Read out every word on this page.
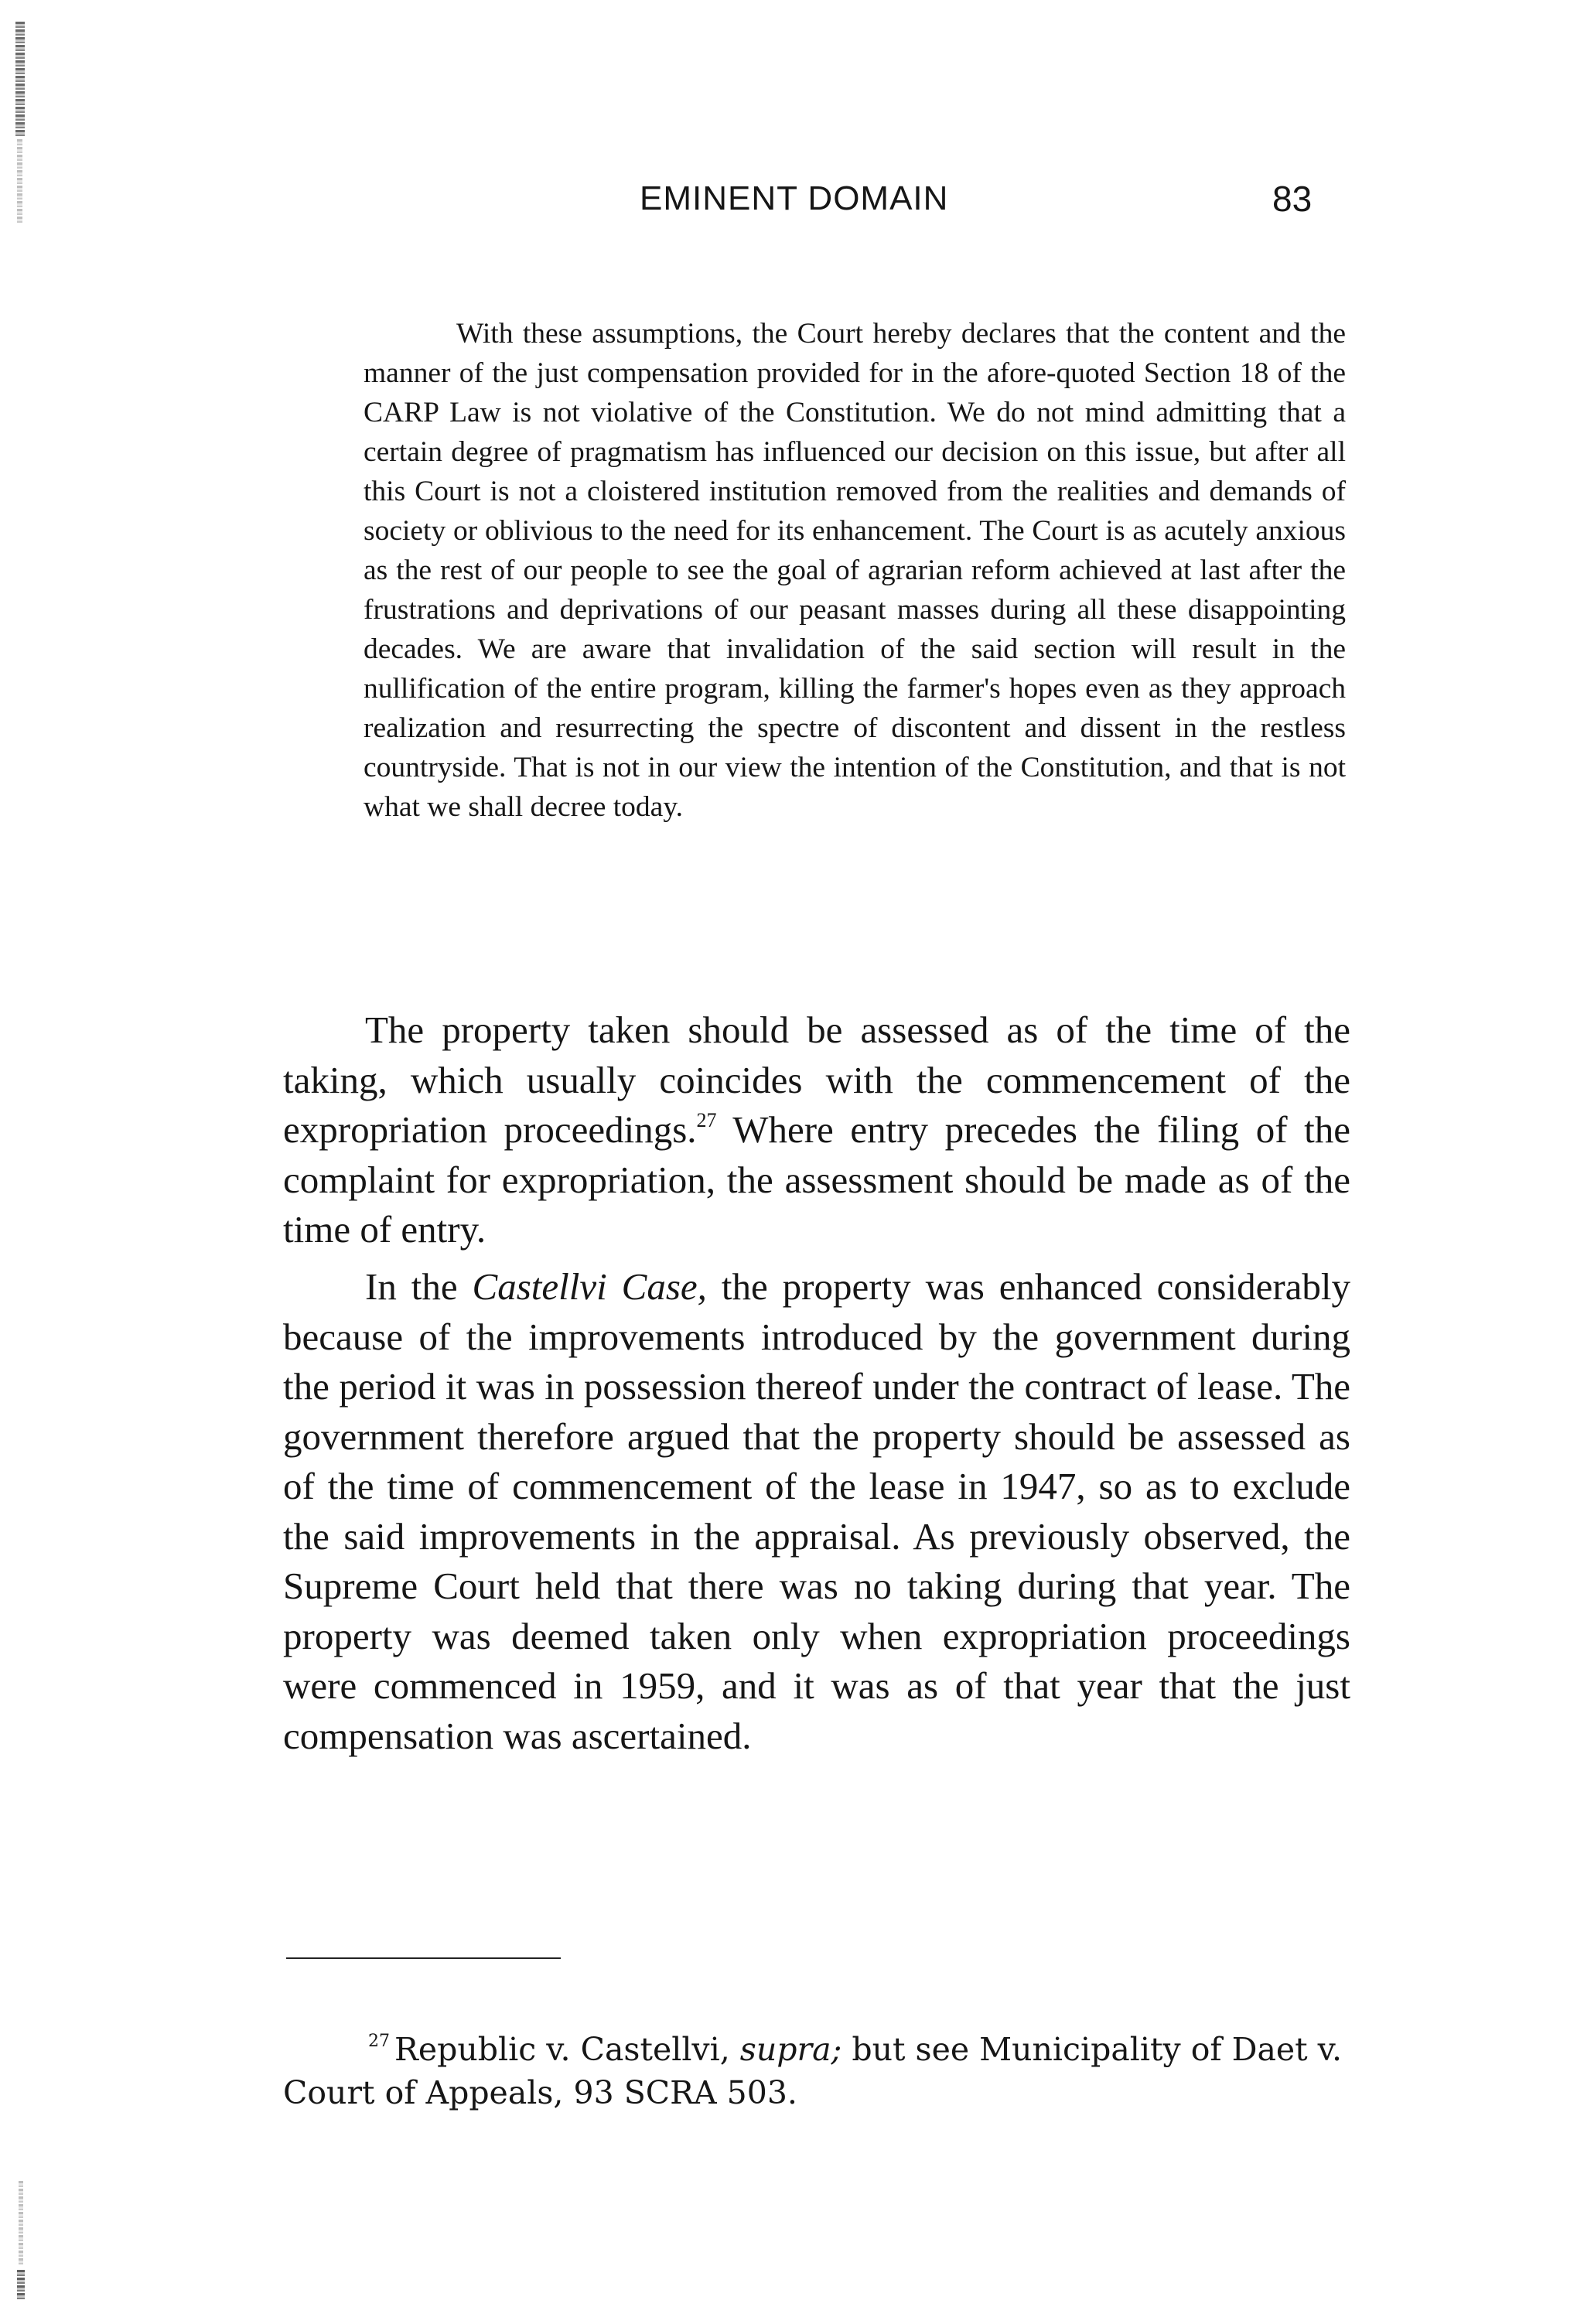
EMINENT DOMAIN	83

With these assumptions, the Court hereby declares that the content and the manner of the just compensation provided for in the afore-quoted Section 18 of the CARP Law is not violative of the Constitution. We do not mind admitting that a certain degree of pragmatism has influenced our decision on this issue, but after all this Court is not a cloistered institution removed from the realities and demands of society or oblivious to the need for its enhancement. The Court is as acutely anxious as the rest of our people to see the goal of agrarian reform achieved at last after the frustrations and deprivations of our peasant masses during all these disappointing decades. We are aware that invalidation of the said section will result in the nullification of the entire program, killing the farmer's hopes even as they approach realization and resurrecting the spectre of discontent and dissent in the restless countryside. That is not in our view the intention of the Constitution, and that is not what we shall decree today.

The property taken should be assessed as of the time of the taking, which usually coincides with the commencement of the expropriation proceedings.$^{27}$ Where entry precedes the filing of the complaint for expropriation, the assessment should be made as of the time of entry.

In the Castellvi Case, the property was enhanced considerably because of the improvements introduced by the government during the period it was in possession thereof under the contract of lease. The government therefore argued that the property should be assessed as of the time of commencement of the lease in 1947, so as to exclude the said improvements in the appraisal. As previously observed, the Supreme Court held that there was no taking during that year. The property was deemed taken only when expropriation proceedings were commenced in 1959, and it was as of that year that the just compensation was ascertained.

$^{27}$ Republic v. Castellvi, supra; but see Municipality of Daet v.
Court of Appeals, 93 SCRA 503.
